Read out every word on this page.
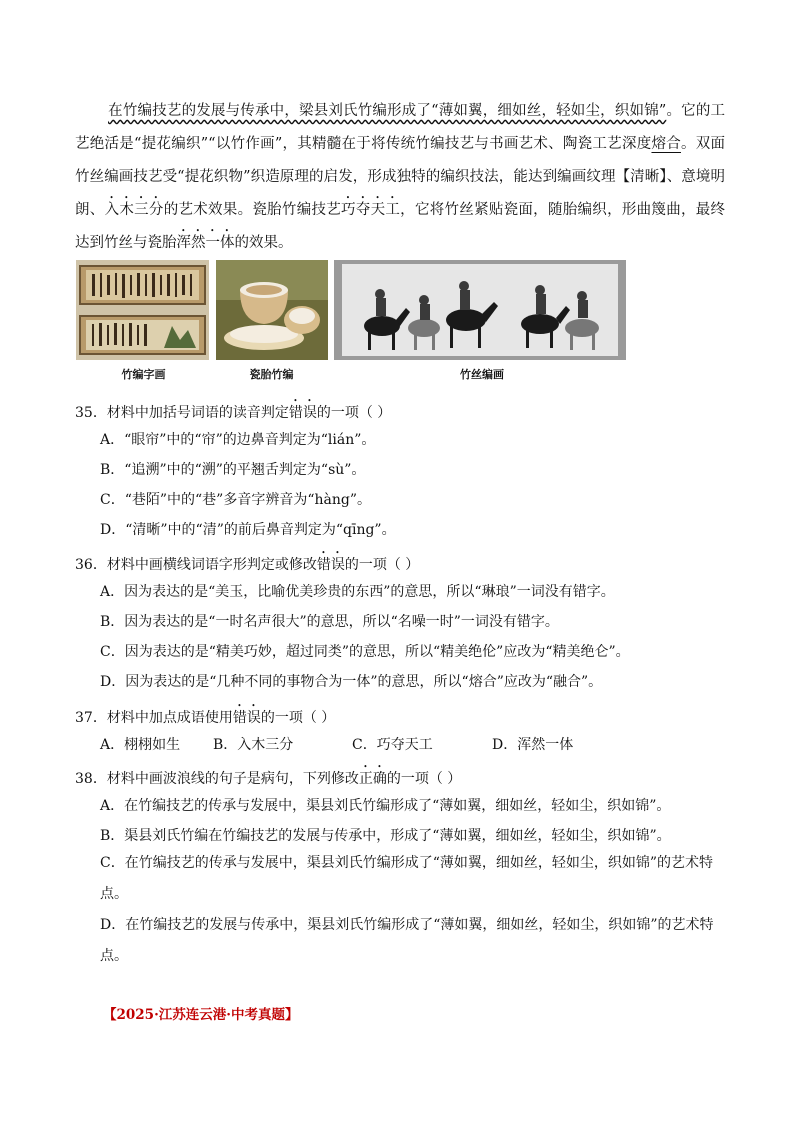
在竹编技艺的发展与传承中，梁县刘氏竹编形成了“薄如翼，细如丝，轻如尘，织如锦”。它的工艺绝活是“提花编织”“以竹作画”，其精髓在于将传统竹编技艺与书画艺术、陶瓷工艺深度熔合。双面竹丝编画技艺受“提花织物”织造原理的启发，形成独特的编织技法，能达到编画纹理【清晰】、意境明朗、入木三分的艺术效果。瓷胎竹编技艺巧夺天工，它将竹丝紧贴瓷面，随胎编织，形曲篾曲，最终达到竹丝与瓷胎浑然一体的效果。
竹编字画	瓷胎竹编	竹丝编画
35．材料中加括号词语的读音判定错误的一项（ ）
A．“眼帘”中的“帘”的边鼻音判定为“lián”。
B．“追溯”中的“溯”的平翘舌判定为“sù”。
C．“巷陌”中的“巷”多音字辨音为“hàng”。
D．“清晰”中的“清”的前后鼻音判定为“qīng”。
36．材料中画横线词语字形判定或修改错误的一项（ ）
A．因为表达的是“美玉，比喻优美珍贵的东西”的意思，所以“琳琅”一词没有错字。
B．因为表达的是“一时名声很大”的意思，所以“名噪一时”一词没有错字。
C．因为表达的是“精美巧妙，超过同类”的意思，所以“精美绝伦”应改为“精美绝仑”。
D．因为表达的是“几种不同的事物合为一体”的意思，所以“熔合”应改为“融合”。
37．材料中加点成语使用错误的一项（ ）
A．栩栩如生 B．入木三分	C．巧夺天工	D．浑然一体
38．材料中画波浪线的句子是病句，下列修改正确的一项（ ）
A．在竹编技艺的传承与发展中，渠县刘氏竹编形成了“薄如翼，细如丝，轻如尘，织如锦”。
B．渠县刘氏竹编在竹编技艺的发展与传承中，形成了“薄如翼，细如丝，轻如尘，织如锦”。
C．在竹编技艺的传承与发展中，渠县刘氏竹编形成了“薄如翼，细如丝，轻如尘，织如锦”的艺术特点。
D．在竹编技艺的发展与传承中，渠县刘氏竹编形成了“薄如翼，细如丝，轻如尘，织如锦”的艺术特点。
【2025·江苏连云港·中考真题】
